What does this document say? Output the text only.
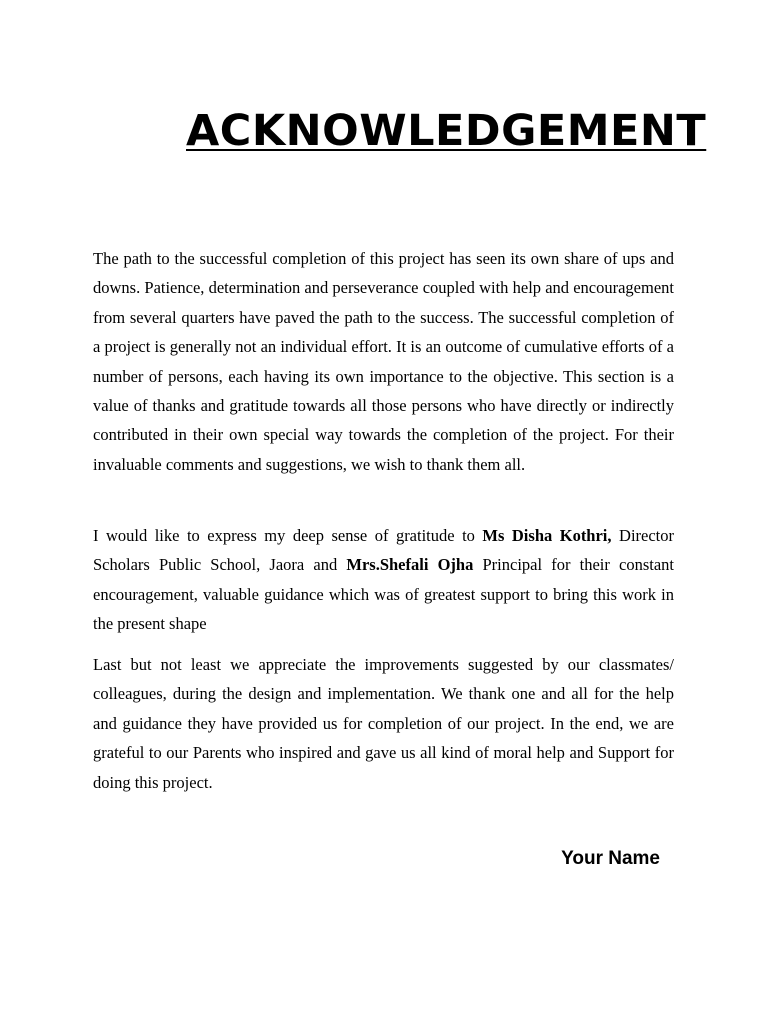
ACKNOWLEDGEMENT

The path to the successful completion of this project has seen its own share of ups and downs. Patience, determination and perseverance coupled with help and encouragement from several quarters have paved the path to the success. The successful completion of a project is generally not an individual effort. It is an outcome of cumulative efforts of a number of persons, each having its own importance to the objective. This section is a value of thanks and gratitude towards all those persons who have directly or indirectly contributed in their own special way towards the completion of the project. For their invaluable comments and suggestions, we wish to thank them all.

I would like to express my deep sense of gratitude to Ms Disha Kothri, Director Scholars Public School, Jaora and Mrs.Shefali Ojha Principal for their constant encouragement, valuable guidance which was of greatest support to bring this work in the present shape

Last but not least we appreciate the improvements suggested by our classmates/ colleagues, during the design and implementation. We thank one and all for the help and guidance they have provided us for completion of our project. In the end, we are grateful to our Parents who inspired and gave us all kind of moral help and Support for doing this project.

Your Name
